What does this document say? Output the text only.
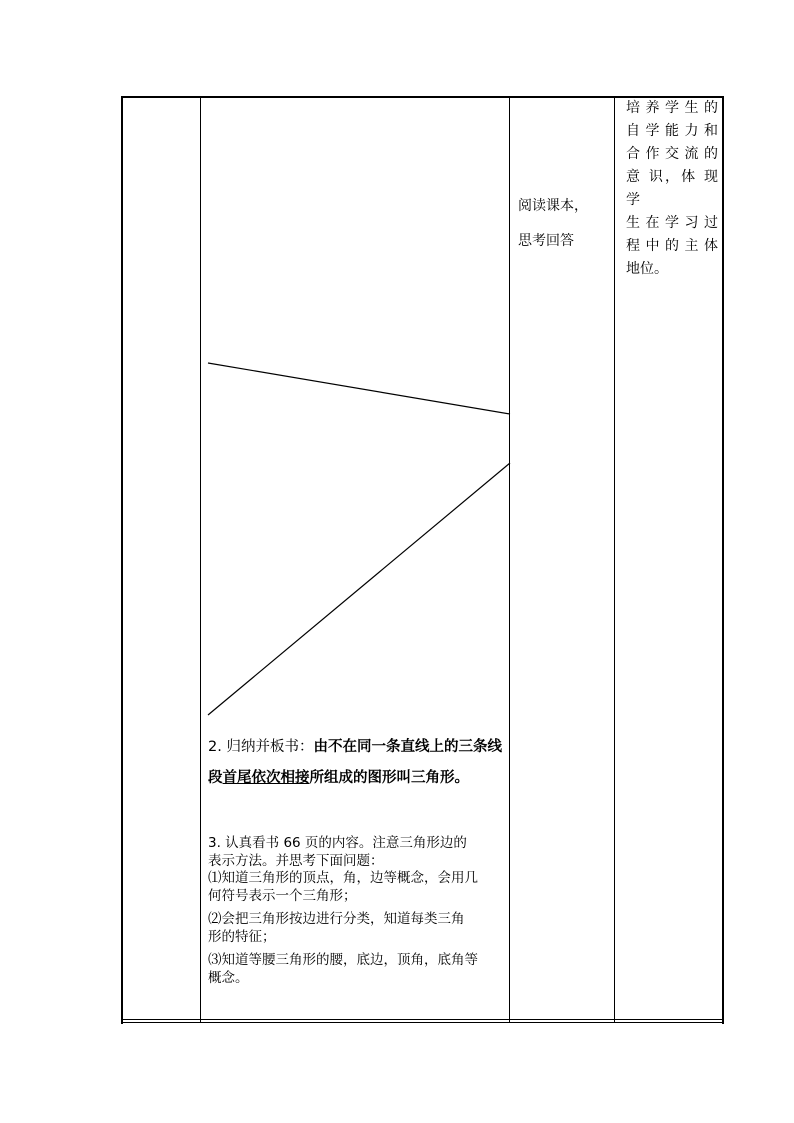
2. 归纳并板书：由不在同一条直线上的三条线段首尾依次相接所组成的图形叫三角形。

3. 认真看书 66 页的内容。注意三角形边的

表示方法。并思考下面问题：

⑴知道三角形的顶点，角，边等概念，会用几

何符号表示一个三角形；

⑵会把三角形按边进行分类，知道每类三角

形的特征；

⑶知道等腰三角形的腰，底边，顶角，底角等

概念。

阅读课本，

思考回答

培 养 学 生 的
自 学 能 力 和
合 作 交 流 的
意 识，体 现 学
生 在 学 习 过
程 中 的 主 体
地位。
